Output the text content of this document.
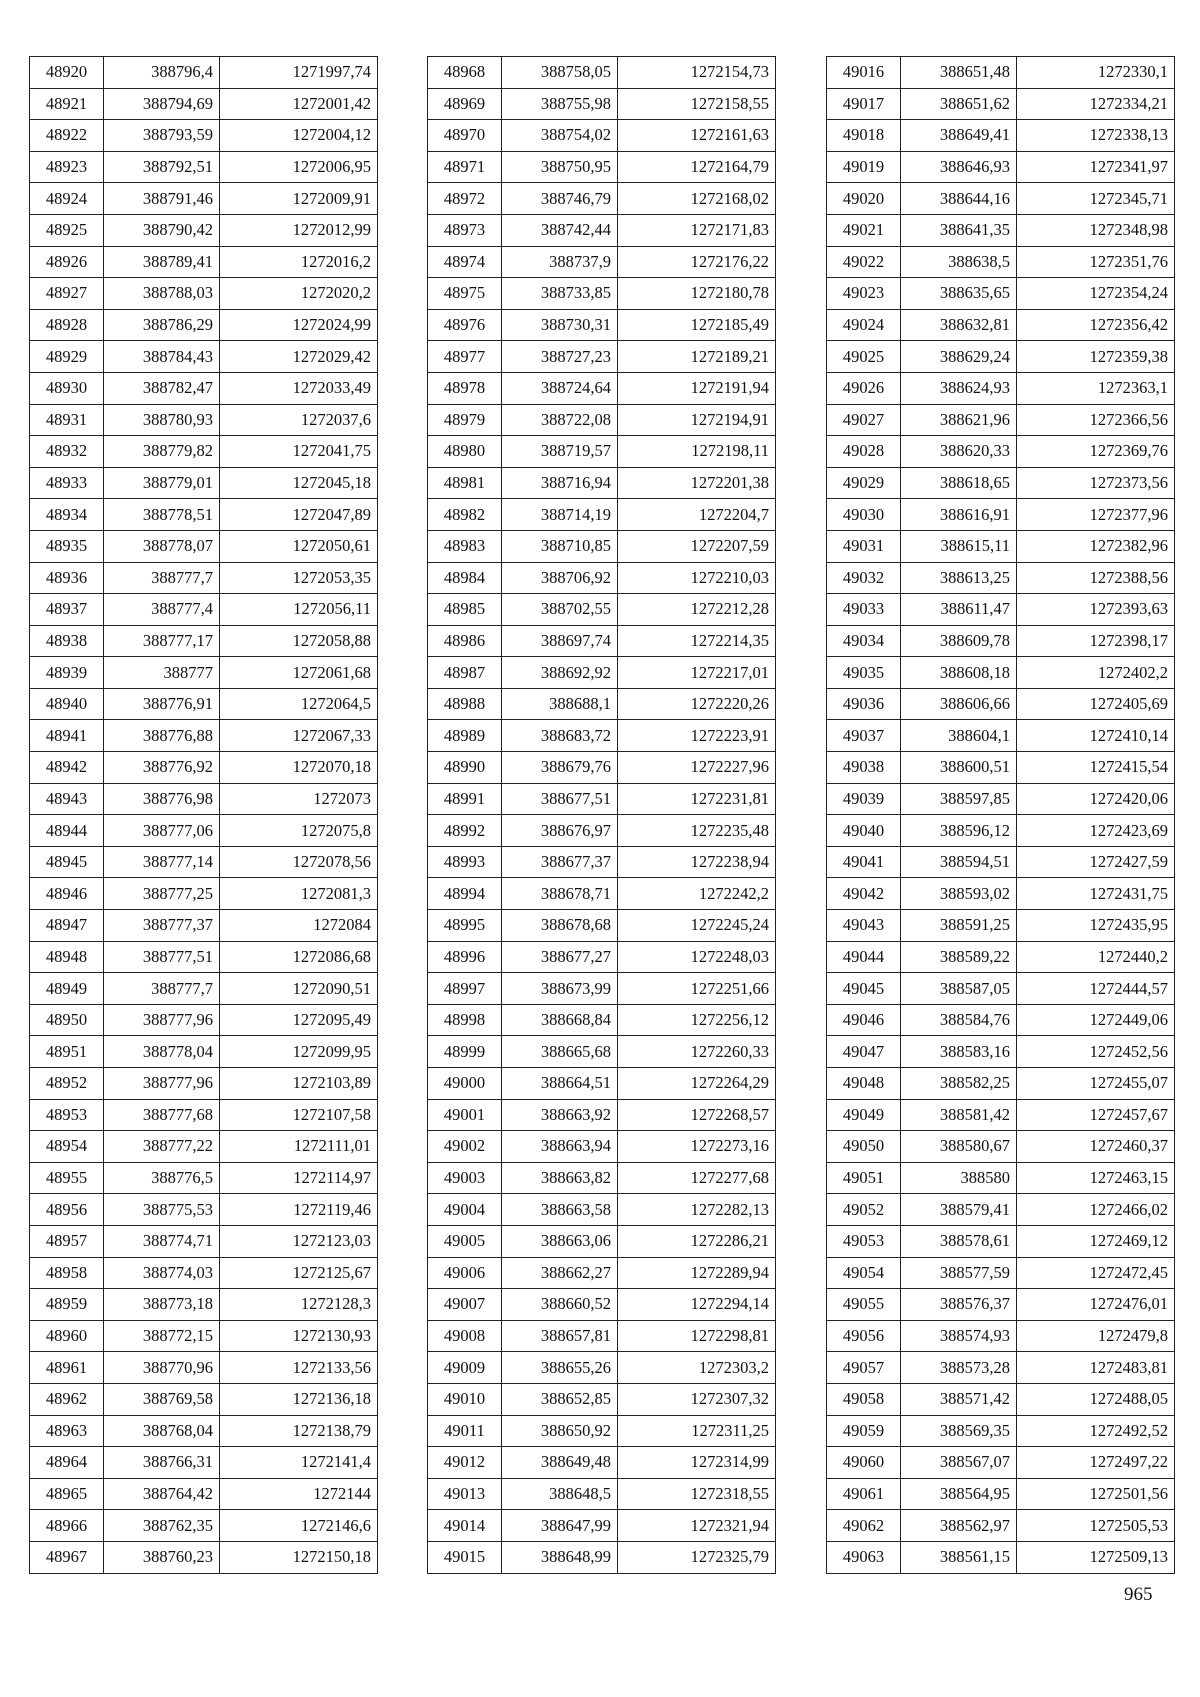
48920	388796,4	1271997,74
48921	388794,69	1272001,42
48922	388793,59	1272004,12
48923	388792,51	1272006,95
48924	388791,46	1272009,91
48925	388790,42	1272012,99
48926	388789,41	1272016,2
48927	388788,03	1272020,2
48928	388786,29	1272024,99
48929	388784,43	1272029,42
48930	388782,47	1272033,49
48931	388780,93	1272037,6
48932	388779,82	1272041,75
48933	388779,01	1272045,18
48934	388778,51	1272047,89
48935	388778,07	1272050,61
48936	388777,7	1272053,35
48937	388777,4	1272056,11
48938	388777,17	1272058,88
48939	388777	1272061,68
48940	388776,91	1272064,5
48941	388776,88	1272067,33
48942	388776,92	1272070,18
48943	388776,98	1272073
48944	388777,06	1272075,8
48945	388777,14	1272078,56
48946	388777,25	1272081,3
48947	388777,37	1272084
48948	388777,51	1272086,68
48949	388777,7	1272090,51
48950	388777,96	1272095,49
48951	388778,04	1272099,95
48952	388777,96	1272103,89
48953	388777,68	1272107,58
48954	388777,22	1272111,01
48955	388776,5	1272114,97
48956	388775,53	1272119,46
48957	388774,71	1272123,03
48958	388774,03	1272125,67
48959	388773,18	1272128,3
48960	388772,15	1272130,93
48961	388770,96	1272133,56
48962	388769,58	1272136,18
48963	388768,04	1272138,79
48964	388766,31	1272141,4
48965	388764,42	1272144
48966	388762,35	1272146,6
48967	388760,23	1272150,18
48968	388758,05	1272154,73
48969	388755,98	1272158,55
48970	388754,02	1272161,63
48971	388750,95	1272164,79
48972	388746,79	1272168,02
48973	388742,44	1272171,83
48974	388737,9	1272176,22
48975	388733,85	1272180,78
48976	388730,31	1272185,49
48977	388727,23	1272189,21
48978	388724,64	1272191,94
48979	388722,08	1272194,91
48980	388719,57	1272198,11
48981	388716,94	1272201,38
48982	388714,19	1272204,7
48983	388710,85	1272207,59
48984	388706,92	1272210,03
48985	388702,55	1272212,28
48986	388697,74	1272214,35
48987	388692,92	1272217,01
48988	388688,1	1272220,26
48989	388683,72	1272223,91
48990	388679,76	1272227,96
48991	388677,51	1272231,81
48992	388676,97	1272235,48
48993	388677,37	1272238,94
48994	388678,71	1272242,2
48995	388678,68	1272245,24
48996	388677,27	1272248,03
48997	388673,99	1272251,66
48998	388668,84	1272256,12
48999	388665,68	1272260,33
49000	388664,51	1272264,29
49001	388663,92	1272268,57
49002	388663,94	1272273,16
49003	388663,82	1272277,68
49004	388663,58	1272282,13
49005	388663,06	1272286,21
49006	388662,27	1272289,94
49007	388660,52	1272294,14
49008	388657,81	1272298,81
49009	388655,26	1272303,2
49010	388652,85	1272307,32
49011	388650,92	1272311,25
49012	388649,48	1272314,99
49013	388648,5	1272318,55
49014	388647,99	1272321,94
49015	388648,99	1272325,79
49016	388651,48	1272330,1
49017	388651,62	1272334,21
49018	388649,41	1272338,13
49019	388646,93	1272341,97
49020	388644,16	1272345,71
49021	388641,35	1272348,98
49022	388638,5	1272351,76
49023	388635,65	1272354,24
49024	388632,81	1272356,42
49025	388629,24	1272359,38
49026	388624,93	1272363,1
49027	388621,96	1272366,56
49028	388620,33	1272369,76
49029	388618,65	1272373,56
49030	388616,91	1272377,96
49031	388615,11	1272382,96
49032	388613,25	1272388,56
49033	388611,47	1272393,63
49034	388609,78	1272398,17
49035	388608,18	1272402,2
49036	388606,66	1272405,69
49037	388604,1	1272410,14
49038	388600,51	1272415,54
49039	388597,85	1272420,06
49040	388596,12	1272423,69
49041	388594,51	1272427,59
49042	388593,02	1272431,75
49043	388591,25	1272435,95
49044	388589,22	1272440,2
49045	388587,05	1272444,57
49046	388584,76	1272449,06
49047	388583,16	1272452,56
49048	388582,25	1272455,07
49049	388581,42	1272457,67
49050	388580,67	1272460,37
49051	388580	1272463,15
49052	388579,41	1272466,02
49053	388578,61	1272469,12
49054	388577,59	1272472,45
49055	388576,37	1272476,01
49056	388574,93	1272479,8
49057	388573,28	1272483,81
49058	388571,42	1272488,05
49059	388569,35	1272492,52
49060	388567,07	1272497,22
49061	388564,95	1272501,56
49062	388562,97	1272505,53
49063	388561,15	1272509,13
965
